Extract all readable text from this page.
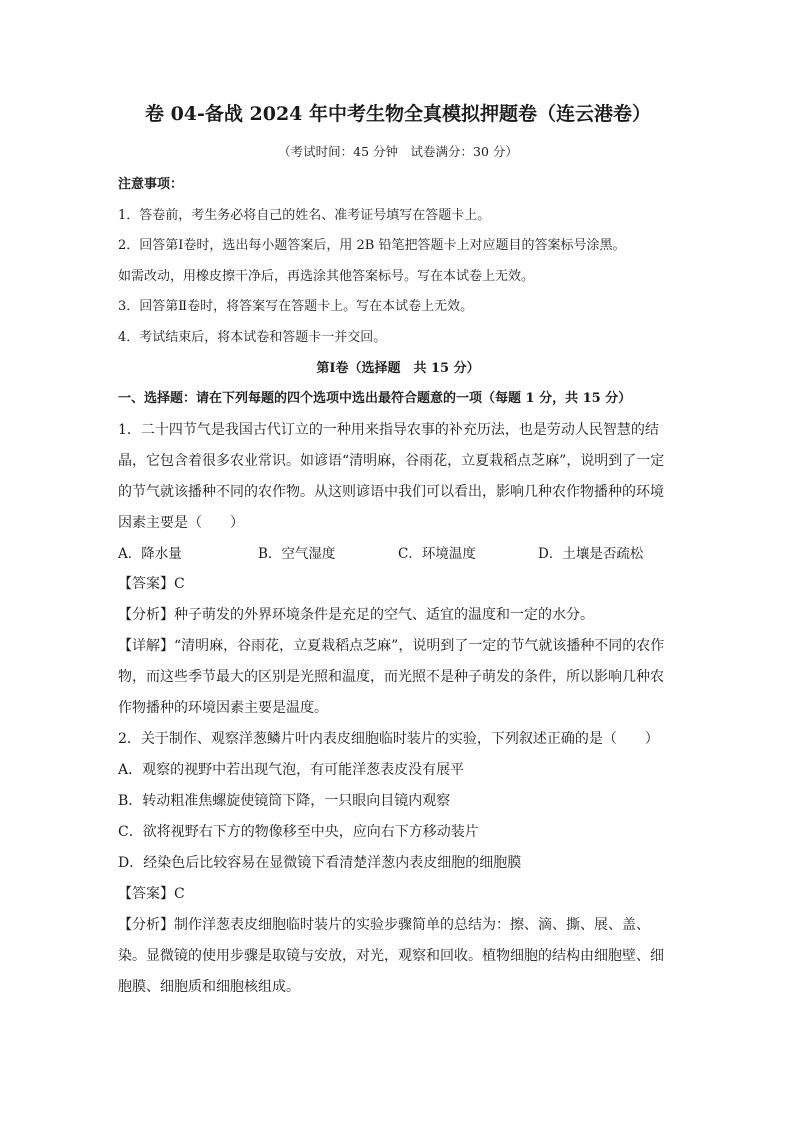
卷 04-备战 2024 年中考生物全真模拟押题卷（连云港卷）

（考试时间：45 分钟　试卷满分：30 分）

注意事项：

1．答卷前，考生务必将自己的姓名、准考证号填写在答题卡上。

2．回答第Ⅰ卷时，选出每小题答案后，用 2B 铅笔把答题卡上对应题目的答案标号涂黑。

如需改动，用橡皮擦干净后，再选涂其他答案标号。写在本试卷上无效。

3．回答第Ⅱ卷时，将答案写在答题卡上。写在本试卷上无效。

4．考试结束后，将本试卷和答题卡一并交回。

第Ⅰ卷（选择题　共 15 分）

一、选择题：请在下列每题的四个选项中选出最符合题意的一项（每题 1 分，共 15 分）

1．二十四节气是我国古代订立的一种用来指导农事的补充历法，也是劳动人民智慧的结

晶，它包含着很多农业常识。如谚语“清明麻，谷雨花，立夏栽稻点芝麻”，说明到了一定

的节气就该播种不同的农作物。从这则谚语中我们可以看出，影响几种农作物播种的环境

因素主要是（　　）

A．降水量	B．空气湿度	C．环境温度	D．土壤是否疏松

【答案】C

【分析】种子萌发的外界环境条件是充足的空气、适宜的温度和一定的水分。

【详解】“清明麻，谷雨花，立夏栽稻点芝麻”，说明到了一定的节气就该播种不同的农作

物，而这些季节最大的区别是光照和温度，而光照不是种子萌发的条件，所以影响几种农

作物播种的环境因素主要是温度。

2．关于制作、观察洋葱鳞片叶内表皮细胞临时装片的实验，下列叙述正确的是（　　）

A．观察的视野中若出现气泡，有可能洋葱表皮没有展平

B．转动粗准焦螺旋使镜筒下降，一只眼向目镜内观察

C．欲将视野右下方的物像移至中央，应向右下方移动装片

D．经染色后比较容易在显微镜下看清楚洋葱内表皮细胞的细胞膜

【答案】C

【分析】制作洋葱表皮细胞临时装片的实验步骤简单的总结为：擦、滴、撕、展、盖、

染。显微镜的使用步骤是取镜与安放，对光，观察和回收。植物细胞的结构由细胞壁、细

胞膜、细胞质和细胞核组成。
